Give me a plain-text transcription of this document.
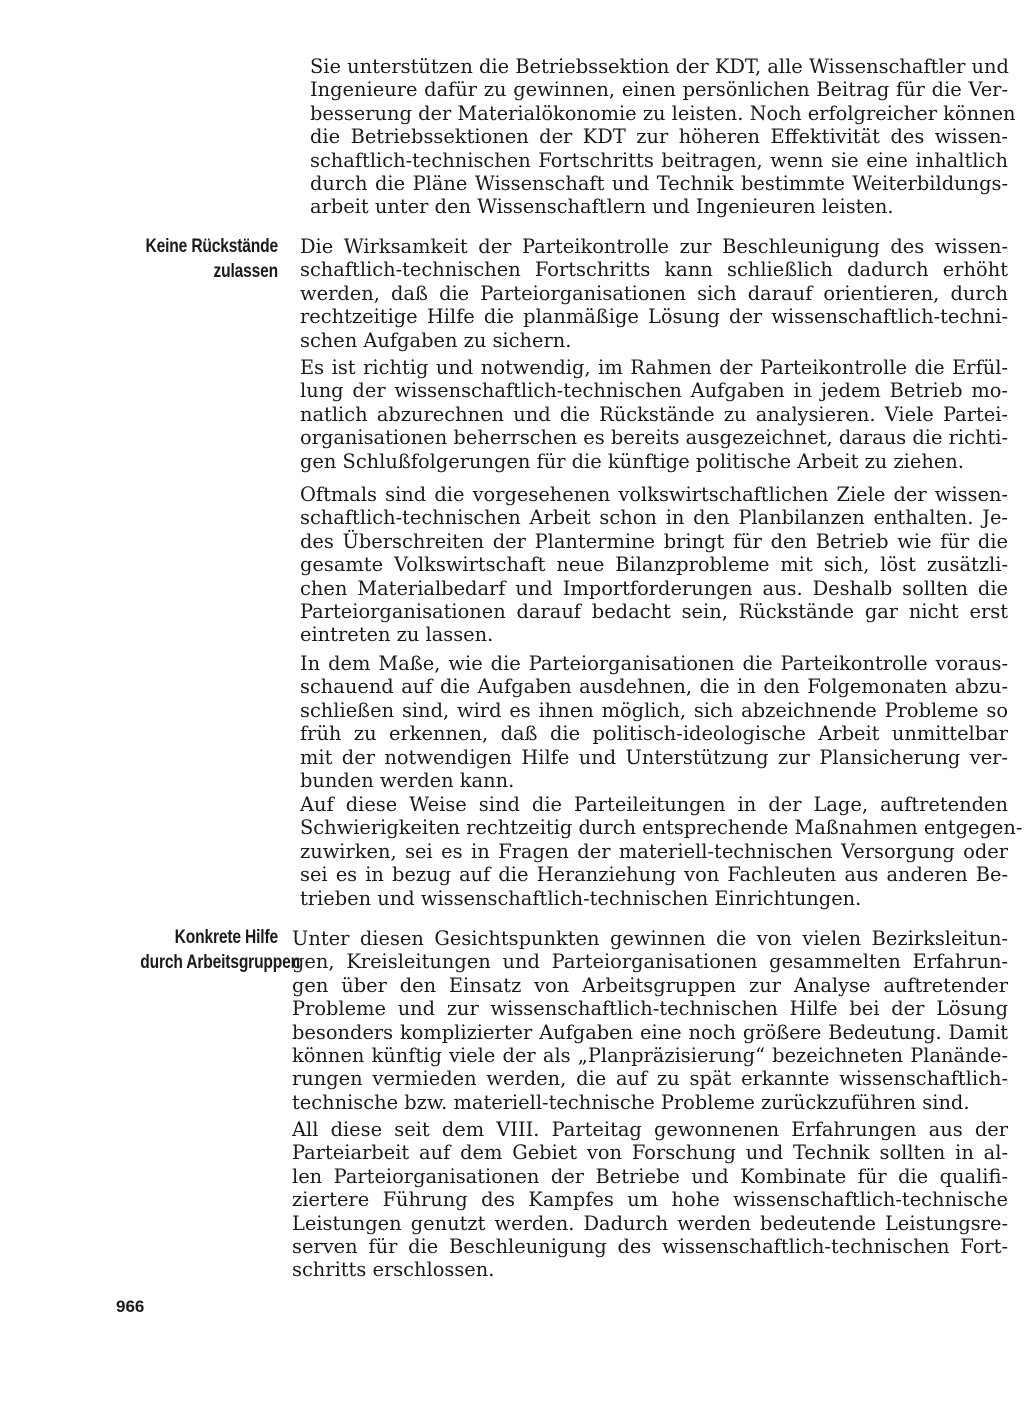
Sie unterstützen die Betriebssektion der KDT, alle Wissenschaftler und
Ingenieure dafür zu gewinnen, einen persönlichen Beitrag für die Ver-
besserung der Materialökonomie zu leisten. Noch erfolgreicher können
die Betriebssektionen der KDT zur höheren Effektivität des wissen-
schaftlich-technischen Fortschritts beitragen, wenn sie eine inhaltlich
durch die Pläne Wissenschaft und Technik bestimmte Weiterbildungs-
arbeit unter den Wissenschaftlern und Ingenieuren leisten.
Keine Rückstände
zulassen
Die Wirksamkeit der Parteikontrolle zur Beschleunigung des wissen-
schaftlich-technischen Fortschritts kann schließlich dadurch erhöht
werden, daß die Parteiorganisationen sich darauf orientieren, durch
rechtzeitige Hilfe die planmäßige Lösung der wissenschaftlich-techni-
schen Aufgaben zu sichern.
Es ist richtig und notwendig, im Rahmen der Parteikontrolle die Erfül-
lung der wissenschaftlich-technischen Aufgaben in jedem Betrieb mo-
natlich abzurechnen und die Rückstände zu analysieren. Viele Partei-
organisationen beherrschen es bereits ausgezeichnet, daraus die richti-
gen Schlußfolgerungen für die künftige politische Arbeit zu ziehen.
Oftmals sind die vorgesehenen volkswirtschaftlichen Ziele der wissen-
schaftlich-technischen Arbeit schon in den Planbilanzen enthalten. Je-
des Überschreiten der Plantermine bringt für den Betrieb wie für die
gesamte Volkswirtschaft neue Bilanzprobleme mit sich, löst zusätzli-
chen Materialbedarf und Importforderungen aus. Deshalb sollten die
Parteiorganisationen darauf bedacht sein, Rückstände gar nicht erst
eintreten zu lassen.
In dem Maße, wie die Parteiorganisationen die Parteikontrolle voraus-
schauend auf die Aufgaben ausdehnen, die in den Folgemonaten abzu-
schließen sind, wird es ihnen möglich, sich abzeichnende Probleme so
früh zu erkennen, daß die politisch-ideologische Arbeit unmittelbar
mit der notwendigen Hilfe und Unterstützung zur Plansicherung ver-
bunden werden kann.
Auf diese Weise sind die Parteileitungen in der Lage, auftretenden
Schwierigkeiten rechtzeitig durch entsprechende Maßnahmen entgegen-
zuwirken, sei es in Fragen der materiell-technischen Versorgung oder
sei es in bezug auf die Heranziehung von Fachleuten aus anderen Be-
trieben und wissenschaftlich-technischen Einrichtungen.
Konkrete Hilfe
durch Arbeitsgruppen
Unter diesen Gesichtspunkten gewinnen die von vielen Bezirksleitun-
gen, Kreisleitungen und Parteiorganisationen gesammelten Erfahrun-
gen über den Einsatz von Arbeitsgruppen zur Analyse auftretender
Probleme und zur wissenschaftlich-technischen Hilfe bei der Lösung
besonders komplizierter Aufgaben eine noch größere Bedeutung. Damit
können künftig viele der als „Planpräzisierung“ bezeichneten Planände-
rungen vermieden werden, die auf zu spät erkannte wissenschaftlich-
technische bzw. materiell-technische Probleme zurückzuführen sind.
All diese seit dem VIII. Parteitag gewonnenen Erfahrungen aus der
Parteiarbeit auf dem Gebiet von Forschung und Technik sollten in al-
len Parteiorganisationen der Betriebe und Kombinate für die qualifi-
ziertere Führung des Kampfes um hohe wissenschaftlich-technische
Leistungen genutzt werden. Dadurch werden bedeutende Leistungsre-
serven für die Beschleunigung des wissenschaftlich-technischen Fort-
schritts erschlossen.
966
